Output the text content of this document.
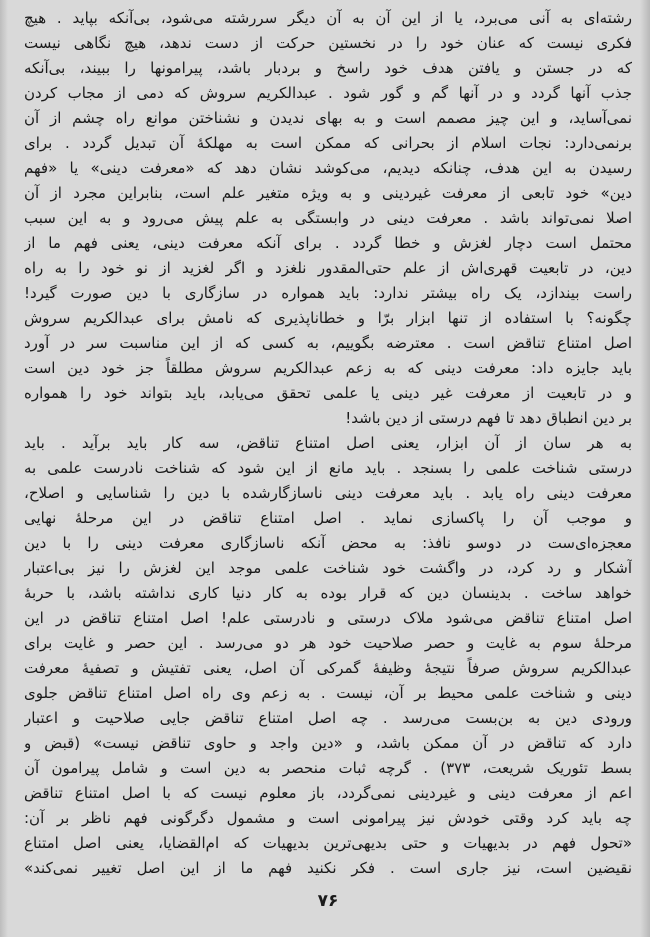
رشته‌ای به آنی می‌برد، یا از این آن به آن دیگر سررشته می‌شود، بی‌آنکه بپاید . هیچ
فکری نیست که عنان خود را در نخستین حرکت از دست ندهد، هیچ نگاهی نیست
که در جستن و یافتن هدف خود راسخ و بردبار باشد، پیرامونها را ببیند، بی‌آنکه
جذب آنها گردد و در آنها گم و گور شود . عبدالکریم سروش که دمی از مجاب کردن
نمی‌آساید، و این چیز مصمم است و به بهای ندیدن و نشناختن موانع راه چشم از آن
برنمی‌دارد: نجات اسلام از بحرانی که ممکن است به مهلکهٔ آن تبدیل گردد . برای
رسیدن به این هدف، چنانکه دیدیم، می‌کوشد نشان دهد که «معرفت دینی» یا «فهم
دین» خود تابعی از معرفت غیردینی و به ویژه متغیر علم است، بنابراین مجرد از آن
اصلا نمی‌تواند باشد . معرفت دینی در وابستگی به علم پیش می‌رود و به این سبب
محتمل است دچار لغزش و خطا گردد . برای آنکه معرفت دینی، یعنی فهم ما از
دین، در تابعیت قهری‌اش از علم حتی‌المقدور نلغزد و اگر لغزید از نو خود را به راه
راست بیندازد، یک راه بیشتر ندارد: باید همواره در سازگاری با دین صورت گیرد!
چگونه؟ با استفاده از تنها ابزار برّا و خطاناپذیری که نامش برای عبدالکریم سروش
اصل امتناع تناقض است . معترضه بگوییم، به کسی که از این مناسبت سر در آورد
باید جایزه داد: معرفت دینی که به زعم عبدالکریم سروش مطلقاً جز خود دین است
و در تابعیت از معرفت غیر دینی یا علمی تحقق می‌یابد، باید بتواند خود را همواره
بر دین انطباق دهد تا فهم درستی از دین باشد!
به هر سان از آن ابزار، یعنی اصل امتناع تناقض، سه کار باید برآید . باید
درستی شناخت علمی را بسنجد . باید مانع از این شود که شناخت نادرست علمی به
معرفت دینی راه یابد . باید معرفت دینی ناسازگارشده با دین را شناسایی و اصلاح،
و موجب آن را پاکسازی نماید . اصل امتناع تناقض در این مرحلهٔ نهایی
معجزه‌ای‌ست در دوسو نافذ: به محض آنکه ناسازگاری معرفت دینی را با دین
آشکار و رد کرد، در واگشت خود شناخت علمی موجد این لغزش را نیز بی‌اعتبار
خواهد ساخت . بدینسان دین که قرار بوده به کار دنیا کاری نداشته باشد، با حربهٔ
اصل امتناع تناقض می‌شود ملاک درستی و نادرستی علم! اصل امتناع تناقض در این
مرحلهٔ سوم به غایت و حصر صلاحیت خود هر دو می‌رسد . این حصر و غایت برای
عبدالکریم سروش صرفاً نتیجهٔ وظیفهٔ گمرکی آن اصل، یعنی تفتیش و تصفیهٔ معرفت
دینی و شناخت علمی محیط بر آن، نیست . به زعم وی راه اصل امتناع تناقض جلوی
ورودی دین به بن‌بست می‌رسد . چه اصل امتناع تناقض جایی صلاحیت و اعتبار
دارد که تناقض در آن ممکن باشد، و «دین واجد و حاوی تناقض نیست» (قبض و
بسط تئوریک شریعت، ۳۷۳) . گرچه ثبات منحصر به دین است و شامل پیرامون آن
اعم از معرفت دینی و غیردینی نمی‌گردد، باز معلوم نیست که با اصل امتناع تناقض
چه باید کرد وقتی خودش نیز پیرامونی است و مشمول دگرگونی فهم ناظر بر آن:
«تحول فهم در بدیهیات و حتی بدیهی‌ترین بدیهیات که ام‌القضایا، یعنی اصل امتناع
نقیضین است، نیز جاری است . فکر نکنید فهم ما از این اصل تغییر نمی‌کند»
۷۶
